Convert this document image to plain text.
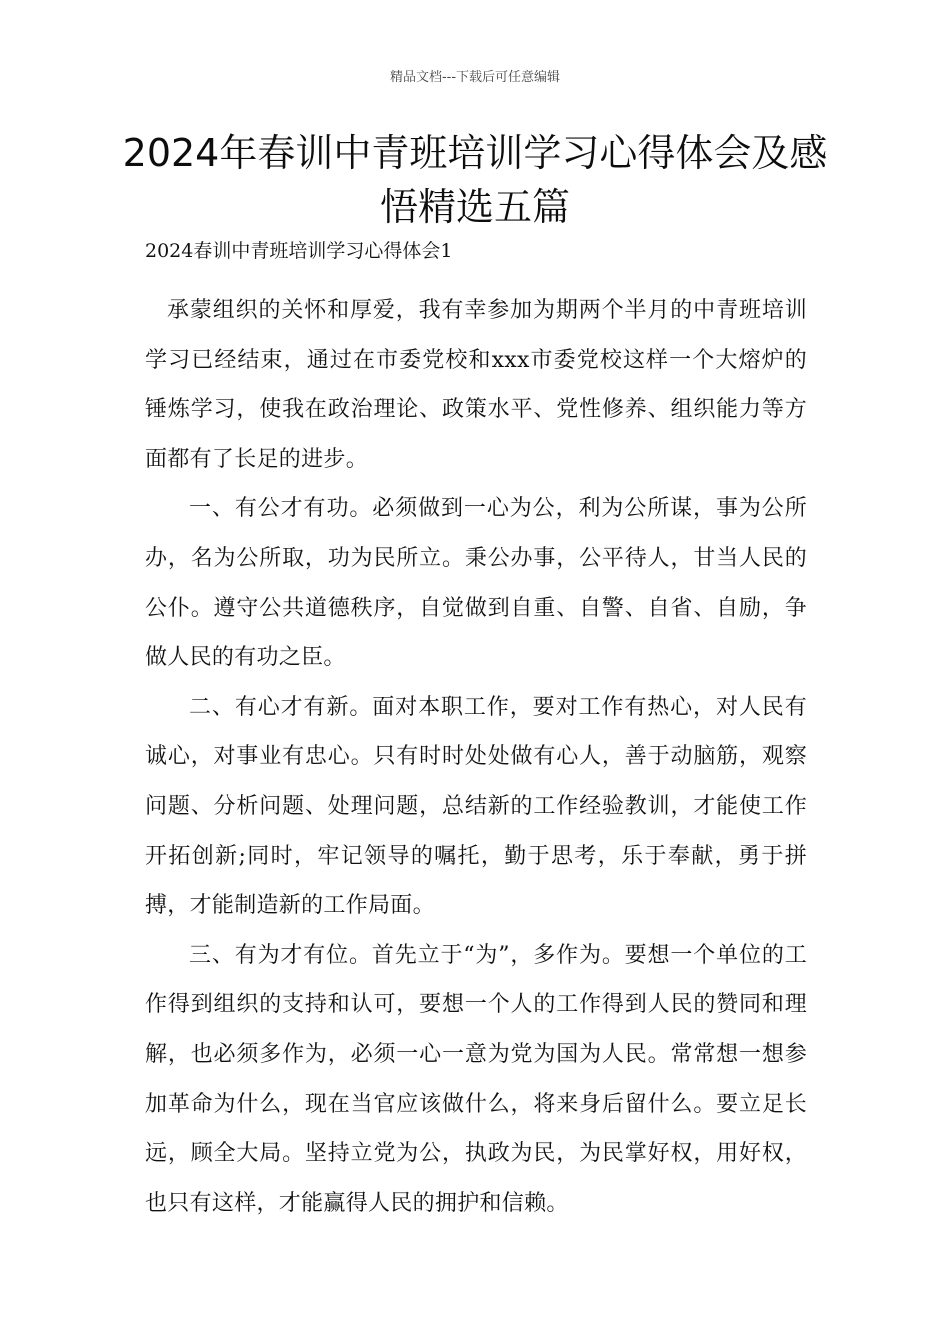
精品文档---下载后可任意编辑
2024年春训中青班培训学习心得体会及感悟精选五篇
2024春训中青班培训学习心得体会1

承蒙组织的关怀和厚爱，我有幸参加为期两个半月的中青班培训学习已经结束，通过在市委党校和xxx市委党校这样一个大熔炉的锤炼学习，使我在政治理论、政策水平、党性修养、组织能力等方面都有了长足的进步。

一、有公才有功。必须做到一心为公，利为公所谋，事为公所办，名为公所取，功为民所立。秉公办事，公平待人，甘当人民的公仆。遵守公共道德秩序，自觉做到自重、自警、自省、自励，争做人民的有功之臣。

二、有心才有新。面对本职工作，要对工作有热心，对人民有诚心，对事业有忠心。只有时时处处做有心人，善于动脑筋，观察问题、分析问题、处理问题，总结新的工作经验教训，才能使工作开拓创新;同时，牢记领导的嘱托，勤于思考，乐于奉献，勇于拼搏，才能制造新的工作局面。

三、有为才有位。首先立于“为”，多作为。要想一个单位的工作得到组织的支持和认可，要想一个人的工作得到人民的赞同和理解，也必须多作为，必须一心一意为党为国为人民。常常想一想参加革命为什么，现在当官应该做什么，将来身后留什么。要立足长远，顾全大局。坚持立党为公，执政为民，为民掌好权，用好权，也只有这样，才能赢得人民的拥护和信赖。
